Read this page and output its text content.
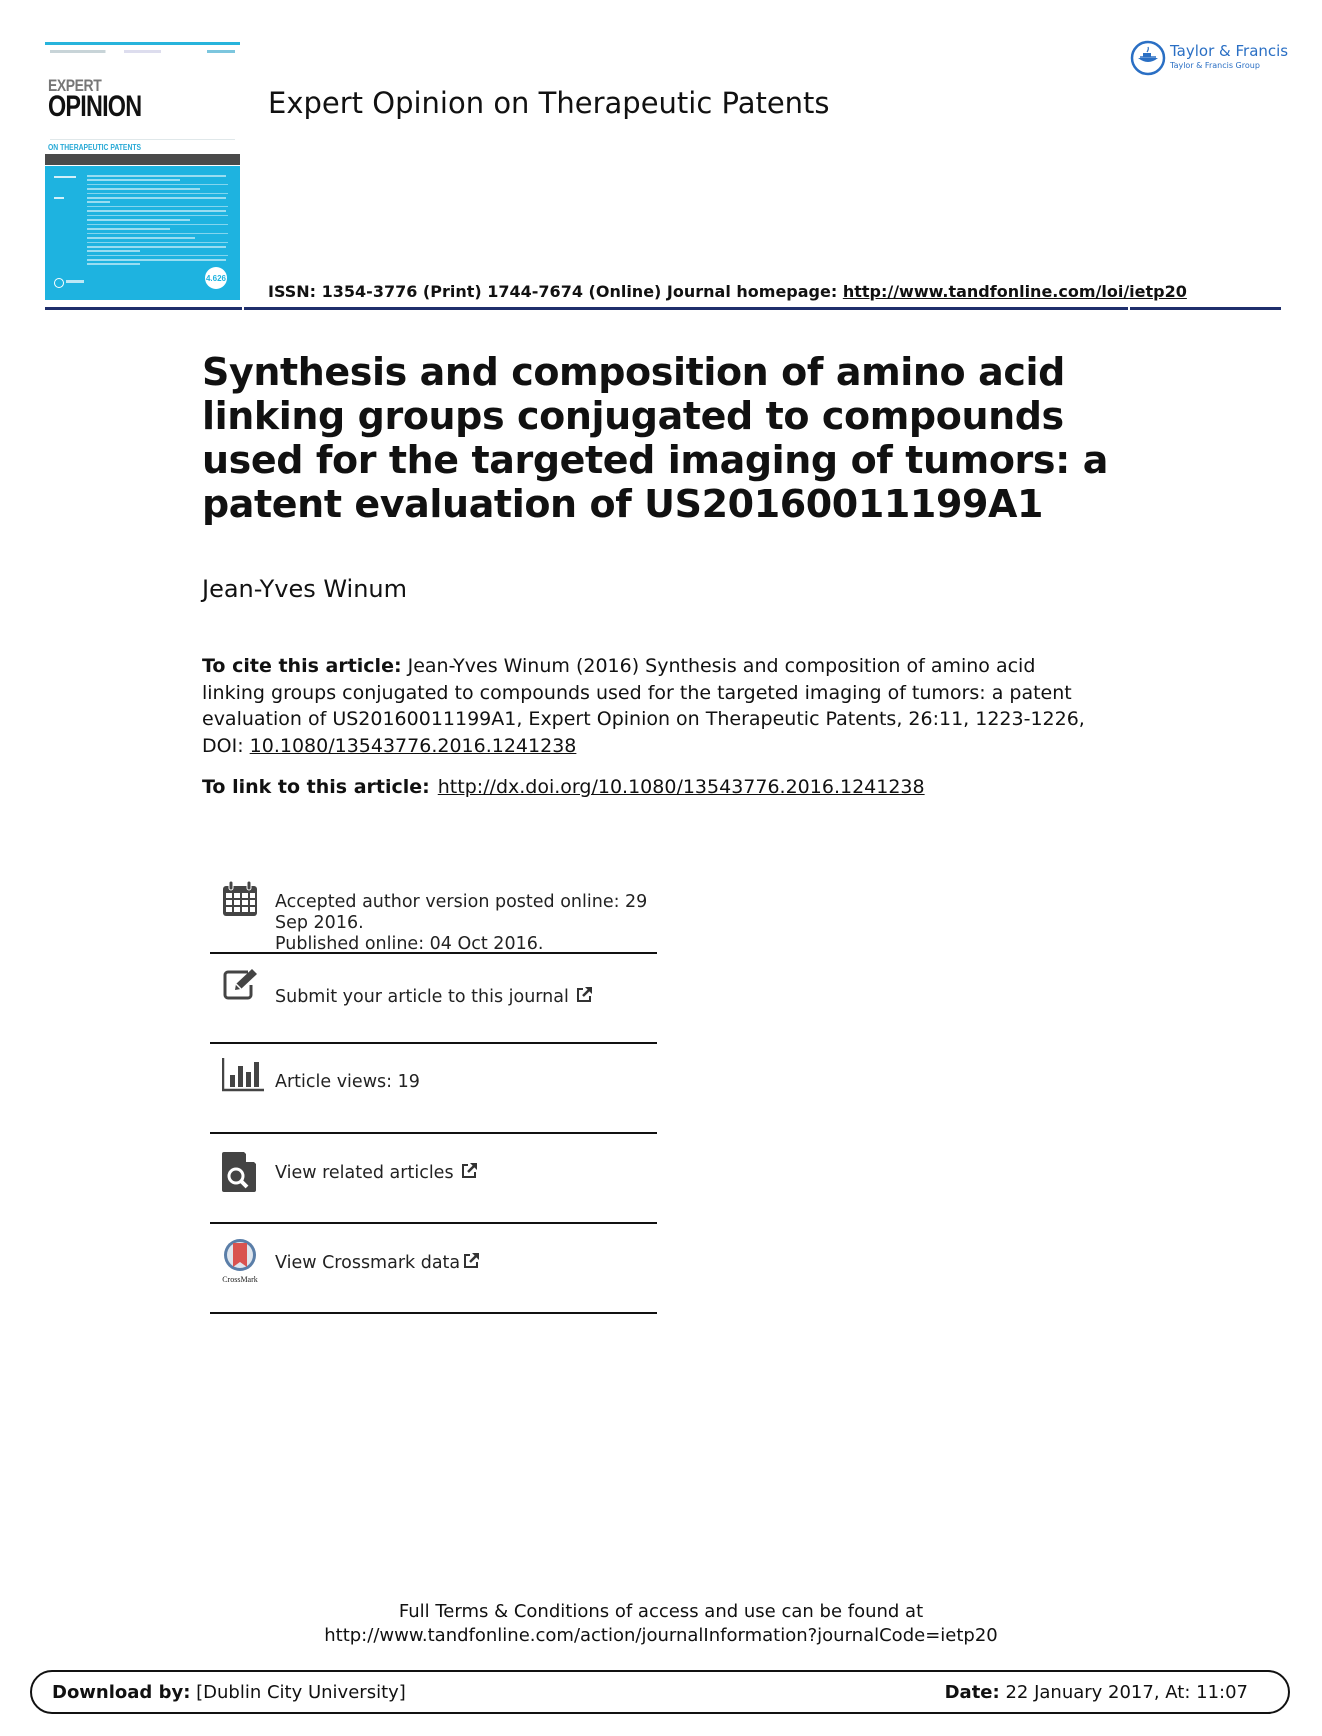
EXPERT
OPINION
ON THERAPEUTIC PATENTS
4.626
Expert Opinion on Therapeutic Patents
Taylor & Francis
Taylor & Francis Group
ISSN: 1354-3776 (Print) 1744-7674 (Online) Journal homepage: http://www.tandfonline.com/loi/ietp20
Synthesis and composition of amino acid linking groups conjugated to compounds used for the targeted imaging of tumors: a patent evaluation of US20160011199A1
Jean-Yves Winum
To cite this article: Jean-Yves Winum (2016) Synthesis and composition of amino acid linking groups conjugated to compounds used for the targeted imaging of tumors: a patent evaluation of US20160011199A1, Expert Opinion on Therapeutic Patents, 26:11, 1223-1226, DOI: 10.1080/13543776.2016.1241238
To link to this article: http://dx.doi.org/10.1080/13543776.2016.1241238
Accepted author version posted online: 29 Sep 2016.
Published online: 04 Oct 2016.
Submit your article to this journal
Article views: 19
View related articles
CrossMark
View Crossmark data
Full Terms & Conditions of access and use can be found at
http://www.tandfonline.com/action/journalInformation?journalCode=ietp20
Download by: [Dublin City University]	Date: 22 January 2017, At: 11:07
